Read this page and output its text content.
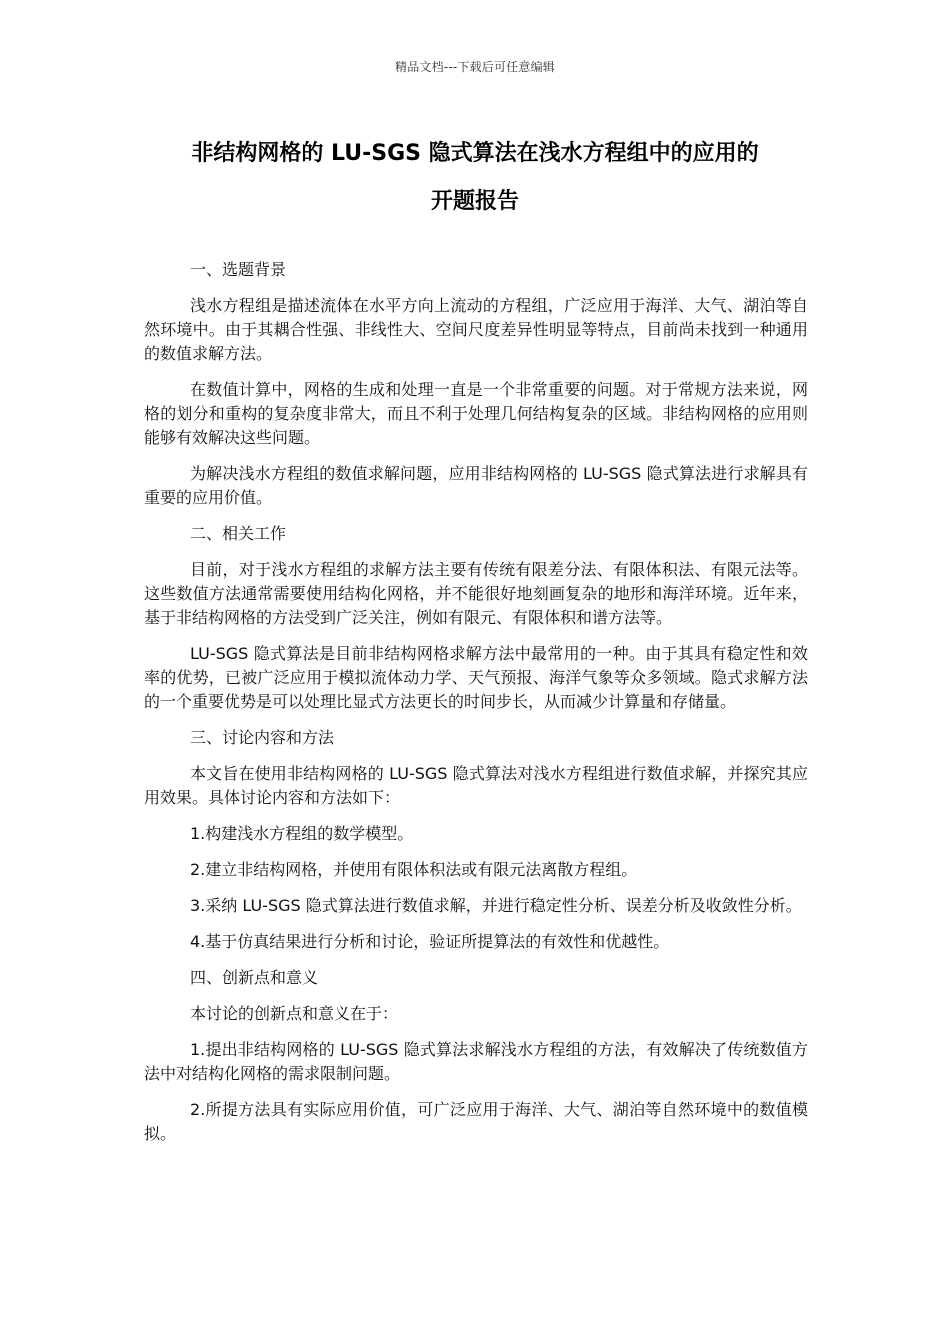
精品文档---下载后可任意编辑
非结构网格的 LU-SGS 隐式算法在浅水方程组中的应用的
开题报告

一、选题背景

浅水方程组是描述流体在水平方向上流动的方程组，广泛应用于海洋、大气、湖泊等自然环境中。由于其耦合性强、非线性大、空间尺度差异性明显等特点，目前尚未找到一种通用的数值求解方法。

在数值计算中，网格的生成和处理一直是一个非常重要的问题。对于常规方法来说，网格的划分和重构的复杂度非常大，而且不利于处理几何结构复杂的区域。非结构网格的应用则能够有效解决这些问题。

为解决浅水方程组的数值求解问题，应用非结构网格的 LU-SGS 隐式算法进行求解具有重要的应用价值。

二、相关工作

目前，对于浅水方程组的求解方法主要有传统有限差分法、有限体积法、有限元法等。这些数值方法通常需要使用结构化网格，并不能很好地刻画复杂的地形和海洋环境。近年来，基于非结构网格的方法受到广泛关注，例如有限元、有限体积和谱方法等。

LU-SGS 隐式算法是目前非结构网格求解方法中最常用的一种。由于其具有稳定性和效率的优势，已被广泛应用于模拟流体动力学、天气预报、海洋气象等众多领域。隐式求解方法的一个重要优势是可以处理比显式方法更长的时间步长，从而减少计算量和存储量。

三、讨论内容和方法

本文旨在使用非结构网格的 LU-SGS 隐式算法对浅水方程组进行数值求解，并探究其应用效果。具体讨论内容和方法如下：

1.构建浅水方程组的数学模型。

2.建立非结构网格，并使用有限体积法或有限元法离散方程组。

3.采纳 LU-SGS 隐式算法进行数值求解，并进行稳定性分析、误差分析及收敛性分析。

4.基于仿真结果进行分析和讨论，验证所提算法的有效性和优越性。

四、创新点和意义

本讨论的创新点和意义在于：

1.提出非结构网格的 LU-SGS 隐式算法求解浅水方程组的方法，有效解决了传统数值方法中对结构化网格的需求限制问题。

2.所提方法具有实际应用价值，可广泛应用于海洋、大气、湖泊等自然环境中的数值模拟。
